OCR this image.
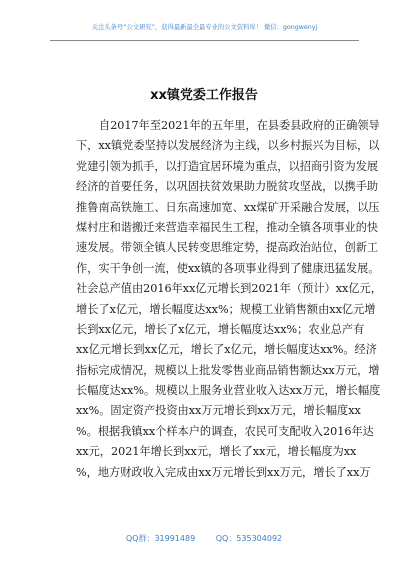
关注头条号“公文研究”，获得最新最全最专业的公文资料库！ 微信：gongwenyj
xx镇党委工作报告
自2017年至2021年的五年里，在县委县政府的正确领导
下，xx镇党委坚持以发展经济为主线，以乡村振兴为目标，以
党建引领为抓手，以打造宜居环境为重点，以招商引资为发展
经济的首要任务，以巩固扶贫效果助力脱贫攻坚战，以携手助
推鲁南高铁施工、日东高速加宽、xx煤矿开采融合发展，以压
煤村庄和谐搬迁来营造幸福民生工程，推动全镇各项事业的快
速发展。带领全镇人民转变思维定势，提高政治站位，创新工
作，实干争创一流，使xx镇的各项事业得到了健康迅猛发展。
社会总产值由2016年xx亿元增长到2021年（预计）xx亿元，
增长了x亿元，增长幅度达xx%；规模工业销售额由xx亿元增
长到xx亿元，增长了x亿元，增长幅度达xx%；农业总产有
xx亿元增长到xx亿元，增长了x亿元，增长幅度达xx%。经济
指标完成情况，规模以上批发零售业商品销售额达xx万元，增
长幅度达xx%。规模以上服务业营业收入达xx万元，增长幅度
xx%。固定资产投资由xx万元增长到xx万元，增长幅度xx
%。根据我镇xx个样本户的调查，农民可支配收入2016年达
xx元，2021年增长到xx元，增长了xx元，增长幅度为xx
%，地方财政收入完成由xx万元增长到xx万元，增长了xx万
QQ群：31991489	QQ：535304092
